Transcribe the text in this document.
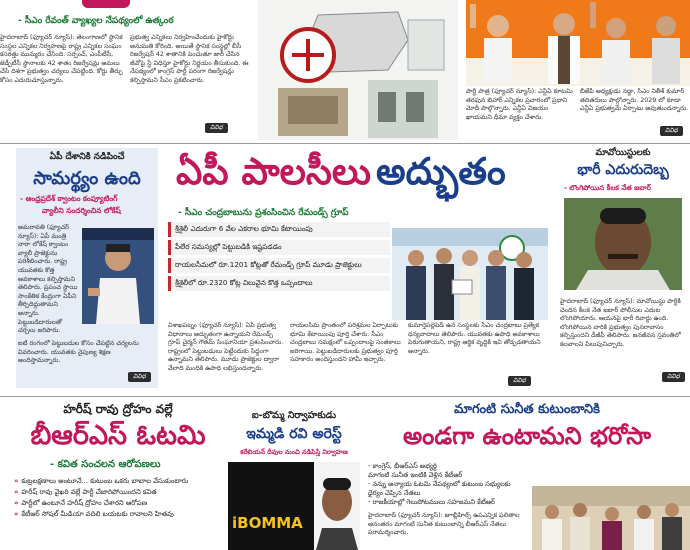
- సీఎం రేవంత్ వ్యాఖ్యల నేపథ్యంలో ఉత్కంఠ
హైదరాబాద్ (ఫ్యూచర్ న్యూస్): తెలంగాణలో స్థానిక సంస్థల ఎన్నికల నిర్వహణపై రాష్ట్ర ఎన్నికల సంఘం కసరత్తు ముమ్మరం చేసింది. సర్పంచ్, ఎంపీటీసీ, జెడ్పీటీసీ స్థానాలకు 42 శాతం రిజర్వేషన్లు అమలు చేసే దిశగా ప్రభుత్వం చర్యలు చేపట్టింది. కోర్టు తీర్పు కోసం ఎదురుచూస్తున్నారు.
ప్రభుత్వ ఎన్నికలు నిర్వహించేందుకు హైకోర్టు అనుమతి కోరింది. అయితే స్థానిక సంస్థల్లో బీసీ రిజర్వేషన్ 42 శాతానికి పెంచుతూ జారీ చేసిన జీవోపై స్టే విధిస్తూ హైకోర్టు నిర్ణయం తీసుకుంది. ఈ నేపథ్యంలో కాంగ్రెస్ పార్టీ పరంగా రిజర్వేషన్లు కల్పిస్తామని సీఎం ప్రకటించారు.
పార్టీ పాత్ర (ఫ్యూచర్ న్యూస్): ఎన్డీఏ కూటమి తరఫున బిహార్ ఎన్నికల ప్రచారంలో ప్రధాని మోదీ పాల్గొన్నారు. ఎన్డీఏ విజయం ఖాయమని ధీమా వ్యక్తం చేశారు.
బీజేపీ అధ్యక్షుడు నడ్డా, సీఎం నితీశ్ కుమార్ తదితరులు పాల్గొన్నారు. 2029 లో కూడా ఎన్డీఏ ప్రభుత్వమే ఏర్పాటు అవుతుందన్నారు.
వివిధ	వివిధ
ఏపీ దేశానికి నడిపించే
సామర్థ్యం ఉంది
- ఆంధ్రప్రదేశ్ క్వాంటం కంప్యూటింగ్
వ్యాలీని సందర్శించిన లోకేష్
అమరావతి (ఫ్యూచర్ న్యూస్): ఏపీ మంత్రి నారా లోకేష్ క్వాంటం వ్యాలీ ప్రాజెక్టును పరిశీలించారు. రాష్ట్ర యువతకు కొత్త అవకాశాలు కల్పిస్తామని తెలిపారు. ప్రపంచ స్థాయి సాంకేతిక కేంద్రంగా ఏపీని తీర్చిదిద్దుతామని అన్నారు. పెట్టుబడిదారులతో చర్చలు జరిపారు.
ఐటీ రంగంలో పెట్టుబడుల కోసం చేపట్టిన చర్యలను వివరించారు. యువతకు నైపుణ్య శిక్షణ అందిస్తామన్నారు.
వివిధ
ఏపీ పాలసీలు అద్భుతం
- సీఎం చంద్రబాబును ప్రశంసించిన రేమండ్స్ గ్రూప్
శ్రీశైలీ ఎదురుగా 6 వేల ఎకరాల భూమి కేటాయింపు
పీలేర సమస్యల్లో పెట్టుబడికి ఇష్టపడడం
రాయలసీమలో రూ.1201 కోట్లతో రేమండ్స్ గ్రూప్ మూడు ప్రాజెక్టులు
శ్రీశైలీలో రూ.2320 కోట్ల విలువైన కొత్త ఒప్పందాలు
విశాఖపట్నం (ఫ్యూచర్ న్యూస్): ఏపీ ప్రభుత్వ విధానాలు అద్భుతంగా ఉన్నాయని రేమండ్స్ గ్రూప్ చైర్మన్ గౌతమ్ సింఘానియా ప్రశంసించారు. రాష్ట్రంలో పెట్టుబడులు పెట్టేందుకు సిద్ధంగా ఉన్నామని తెలిపారు. మూడు ప్రాజెక్టుల ద్వారా వేలాది మందికి ఉపాధి లభిస్తుందన్నారు.
రాయలసీమ ప్రాంతంలో పరిశ్రమల ఏర్పాటుకు భూమి కేటాయింపు పూర్తి చేశారు. సీఎం చంద్రబాబు సమక్షంలో ఒప్పందాలపై సంతకాలు జరిగాయి. పెట్టుబడిదారులకు ప్రభుత్వం పూర్తి సహకారం అందిస్తుందని హామీ ఇచ్చారు.
కుమార్తెపల్లెపెడ్ ఉన సంస్థలకు సీఎం చంద్రబాబు ప్రత్యేక ధన్యవాదాలు తెలిపారు. యువతకు ఉపాధి అవకాశాలు పెరుగుతాయని, రాష్ట్ర ఆర్థిక వృద్ధికి ఇవి తోడ్పడతాయని అన్నారు.
వివిధ
మావోయిస్టులకు
భారీ ఎదురుదెబ్బ
- లొంగిపోయిన కీలక నేత జబార్
హైదరాబాద్ (ఫ్యూచర్ న్యూస్): మావోయిస్టు పార్టీకి చెందిన కీలక నేత జబార్ పోలీసుల ఎదుట లొంగిపోయారు. ఆయనపై భారీ రివార్డు ఉంది. లొంగిపోయిన వారికి ప్రభుత్వం పునరావాసం కల్పిస్తుందని డీజీపీ తెలిపారు. జనజీవన స్రవంతిలో కలవాలని పిలుపునిచ్చారు.
వివిధ
హరీష్ రావు ద్రోహం వల్లే
బీఆర్ఎస్ ఓటమి
- కవిత సంచలన ఆరోపణలు
» కుట్రలక్షణాలు అంటూనే... కుటుంబ ఒకరు బాబాల వేసుకుంటారు
» హరీష్ రావు వైఖరి వల్లే పార్టీ చేజారిపోయిందని కవిత
» పార్టీలో ఉంటూనే హరీష్ ద్రోహం చేశారని ఆరోపణ
» కేటీఆర్ సోషల్ మీడియా వదిలి బయటకు రావాలని హితవు
ఐ-బొమ్మ నిర్వాహకుడు
ఇమ్మడి రవి అరెస్ట్
కరేబియన్ దీవుల నుంచి నడిపిస్తే నిర్వాహణ
iBOMMA
మాగంటి సునీత కుటుంబానికి
అండగా ఉంటామని భరోసా
- కాంగ్రెస్, బీఆర్ఎస్ అభ్యర్థి
మాగంటి సునీత ఇంటికి వెళ్లిన కేటీఆర్
- నన్ను అన్యాయ ఓటమి నేపథ్యంలో కుటుంబ సభ్యులకు
ధైర్యం చెప్పిన నేతలు
- రాజకీయాల్లో గెలుపోటములు సహజమని కేటీఆర్
హైదరాబాద్ (ఫ్యూచర్ న్యూస్): జూబ్లీహిల్స్ ఉపఎన్నిక ఫలితాల అనంతరం మాగంటి సునీత కుటుంబాన్ని బీఆర్ఎస్ నేతలు పరామర్శించారు.
